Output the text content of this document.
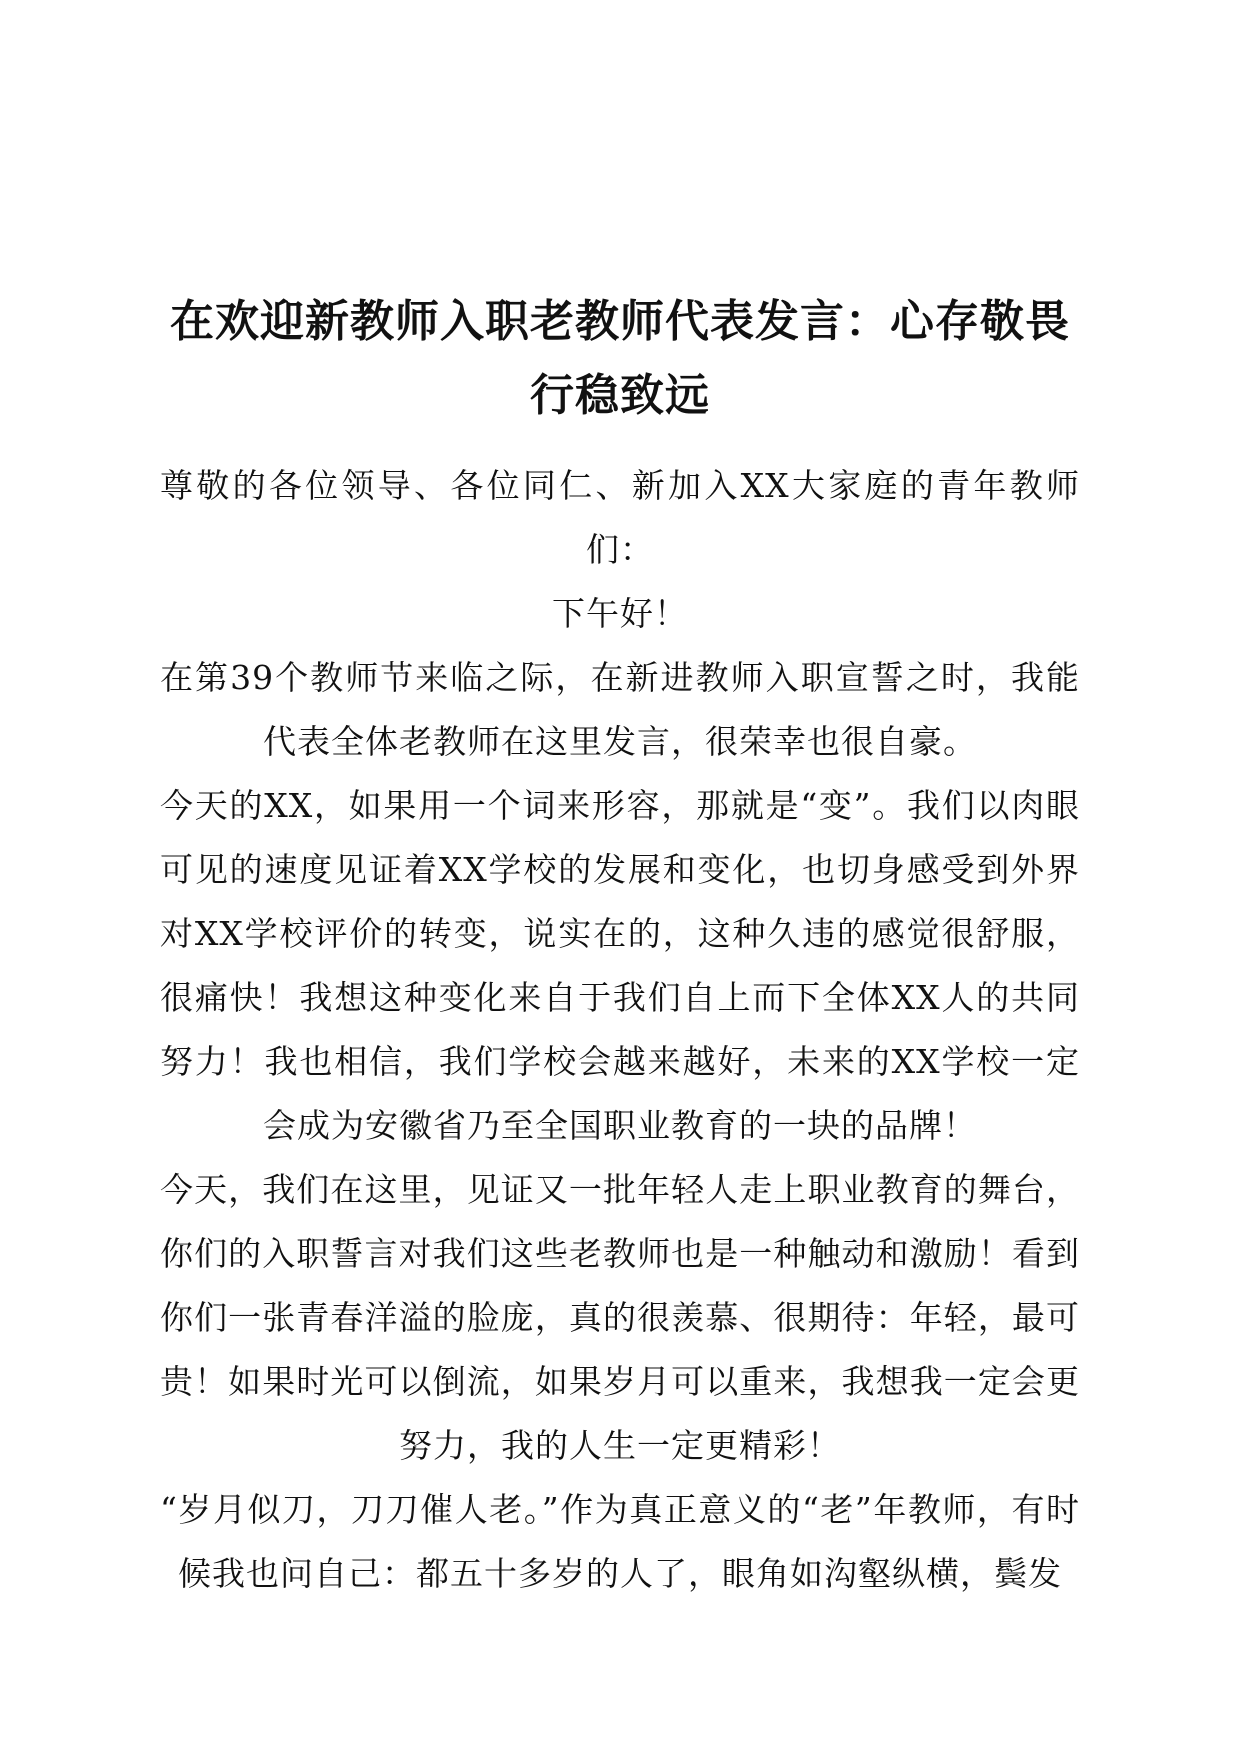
在欢迎新教师入职老教师代表发言：心存敬畏
行稳致远

尊敬的各位领导、各位同仁、新加入XX大家庭的青年教师们：

下午好！

在第39个教师节来临之际，在新进教师入职宣誓之时，我能代表全体老教师在这里发言，很荣幸也很自豪。

今天的XX，如果用一个词来形容，那就是“变”。我们以肉眼可见的速度见证着XX学校的发展和变化，也切身感受到外界对XX学校评价的转变，说实在的，这种久违的感觉很舒服，很痛快！我想这种变化来自于我们自上而下全体XX人的共同努力！我也相信，我们学校会越来越好，未来的XX学校一定会成为安徽省乃至全国职业教育的一块的品牌！

今天，我们在这里，见证又一批年轻人走上职业教育的舞台，你们的入职誓言对我们这些老教师也是一种触动和激励！看到你们一张青春洋溢的脸庞，真的很羡慕、很期待：年轻，最可贵！如果时光可以倒流，如果岁月可以重来，我想我一定会更努力，我的人生一定更精彩！

“岁月似刀，刀刀催人老。”作为真正意义的“老”年教师，有时候我也问自己：都五十多岁的人了，眼角如沟壑纵横，鬓发
